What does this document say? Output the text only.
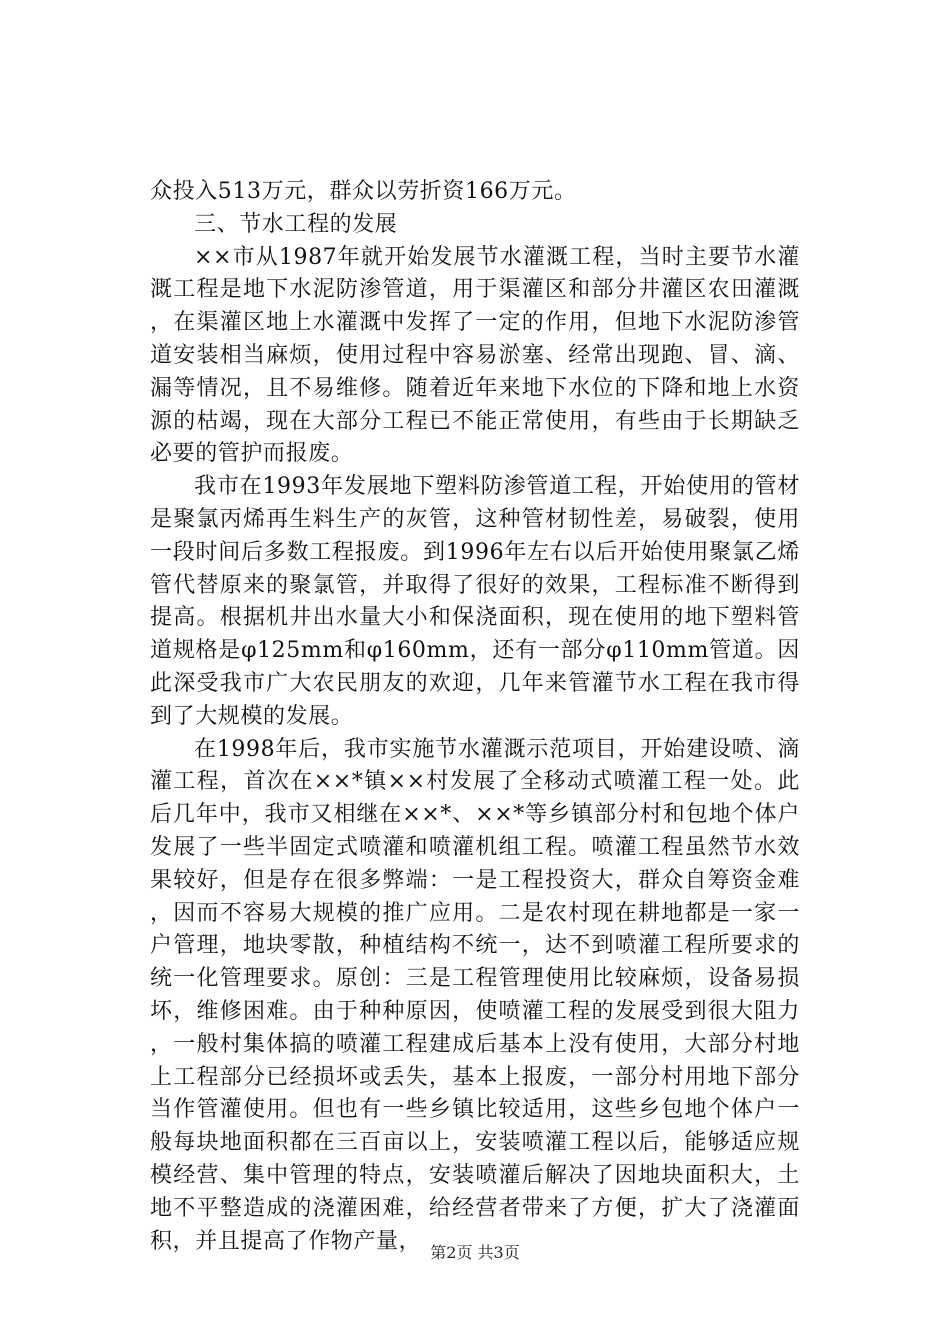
众投入513万元，群众以劳折资166万元。

三、节水工程的发展

××市从1987年就开始发展节水灌溉工程，当时主要节水灌溉工程是地下水泥防渗管道，用于渠灌区和部分井灌区农田灌溉，在渠灌区地上水灌溉中发挥了一定的作用，但地下水泥防渗管道安装相当麻烦，使用过程中容易淤塞、经常出现跑、冒、滴、漏等情况，且不易维修。随着近年来地下水位的下降和地上水资源的枯竭，现在大部分工程已不能正常使用，有些由于长期缺乏必要的管护而报废。

我市在1993年发展地下塑料防渗管道工程，开始使用的管材是聚氯丙烯再生料生产的灰管，这种管材韧性差，易破裂，使用一段时间后多数工程报废。到1996年左右以后开始使用聚氯乙烯管代替原来的聚氯管，并取得了很好的效果，工程标准不断得到提高。根据机井出水量大小和保浇面积，现在使用的地下塑料管道规格是φ125mm和φ160mm，还有一部分φ110mm管道。因此深受我市广大农民朋友的欢迎，几年来管灌节水工程在我市得到了大规模的发展。

在1998年后，我市实施节水灌溉示范项目，开始建设喷、滴灌工程，首次在××*镇××村发展了全移动式喷灌工程一处。此后几年中，我市又相继在××*、××*等乡镇部分村和包地个体户发展了一些半固定式喷灌和喷灌机组工程。喷灌工程虽然节水效果较好，但是存在很多弊端：一是工程投资大，群众自筹资金难，因而不容易大规模的推广应用。二是农村现在耕地都是一家一户管理，地块零散，种植结构不统一，达不到喷灌工程所要求的统一化管理要求。原创：三是工程管理使用比较麻烦，设备易损坏，维修困难。由于种种原因，使喷灌工程的发展受到很大阻力，一般村集体搞的喷灌工程建成后基本上没有使用，大部分村地上工程部分已经损坏或丢失，基本上报废，一部分村用地下部分当作管灌使用。但也有一些乡镇比较适用，这些乡包地个体户一般每块地面积都在三百亩以上，安装喷灌工程以后，能够适应规模经营、集中管理的特点，安装喷灌后解决了因地块面积大，土地不平整造成的浇灌困难，给经营者带来了方便，扩大了浇灌面积，并且提高了作物产量， 第2页 共3页
